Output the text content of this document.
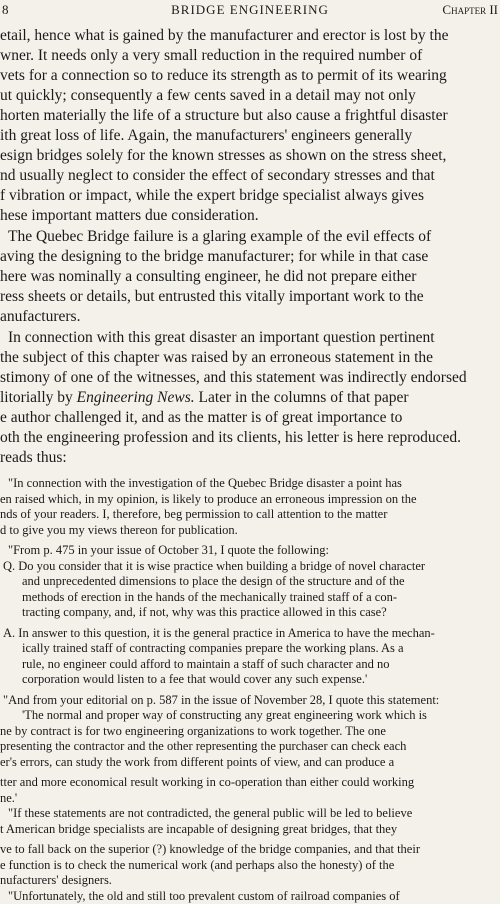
8	BRIDGE ENGINEERING	Chapter II
etail, hence what is gained by the manufacturer and erector is lost by the
wner. It needs only a very small reduction in the required number of
vets for a connection so to reduce its strength as to permit of its wearing
ut quickly; consequently a few cents saved in a detail may not only
horten materially the life of a structure but also cause a frightful disaster
ith great loss of life. Again, the manufacturers' engineers generally
esign bridges solely for the known stresses as shown on the stress sheet,
nd usually neglect to consider the effect of secondary stresses and that
f vibration or impact, while the expert bridge specialist always gives
hese important matters due consideration.
The Quebec Bridge failure is a glaring example of the evil effects of
aving the designing to the bridge manufacturer; for while in that case
here was nominally a consulting engineer, he did not prepare either
ress sheets or details, but entrusted this vitally important work to the
anufacturers.
In connection with this great disaster an important question pertinent
the subject of this chapter was raised by an erroneous statement in the
stimony of one of the witnesses, and this statement was indirectly endorsed
litorially by Engineering News. Later in the columns of that paper
e author challenged it, and as the matter is of great importance to
oth the engineering profession and its clients, his letter is here reproduced.
reads thus:
"In connection with the investigation of the Quebec Bridge disaster a point has
en raised which, in my opinion, is likely to produce an erroneous impression on the
nds of your readers. I, therefore, beg permission to call attention to the matter
d to give you my views thereon for publication.
"From p. 475 in your issue of October 31, I quote the following:
Q. Do you consider that it is wise practice when building a bridge of novel character
and unprecedented dimensions to place the design of the structure and of the
methods of erection in the hands of the mechanically trained staff of a con-
tracting company, and, if not, why was this practice allowed in this case?
A. In answer to this question, it is the general practice in America to have the mechan-
ically trained staff of contracting companies prepare the working plans. As a
rule, no engineer could afford to maintain a staff of such character and no
corporation would listen to a fee that would cover any such expense.'
"And from your editorial on p. 587 in the issue of November 28, I quote this statement:
'The normal and proper way of constructing any great engineering work which is
ne by contract is for two engineering organizations to work together. The one
presenting the contractor and the other representing the purchaser can check each
er's errors, can study the work from different points of view, and can produce a
tter and more economical result working in co-operation than either could working
ne.'
"If these statements are not contradicted, the general public will be led to believe
t American bridge specialists are incapable of designing great bridges, that they
ve to fall back on the superior (?) knowledge of the bridge companies, and that their
e function is to check the numerical work (and perhaps also the honesty) of the
nufacturers' designers.
"Unfortunately, the old and still too prevalent custom of railroad companies of
